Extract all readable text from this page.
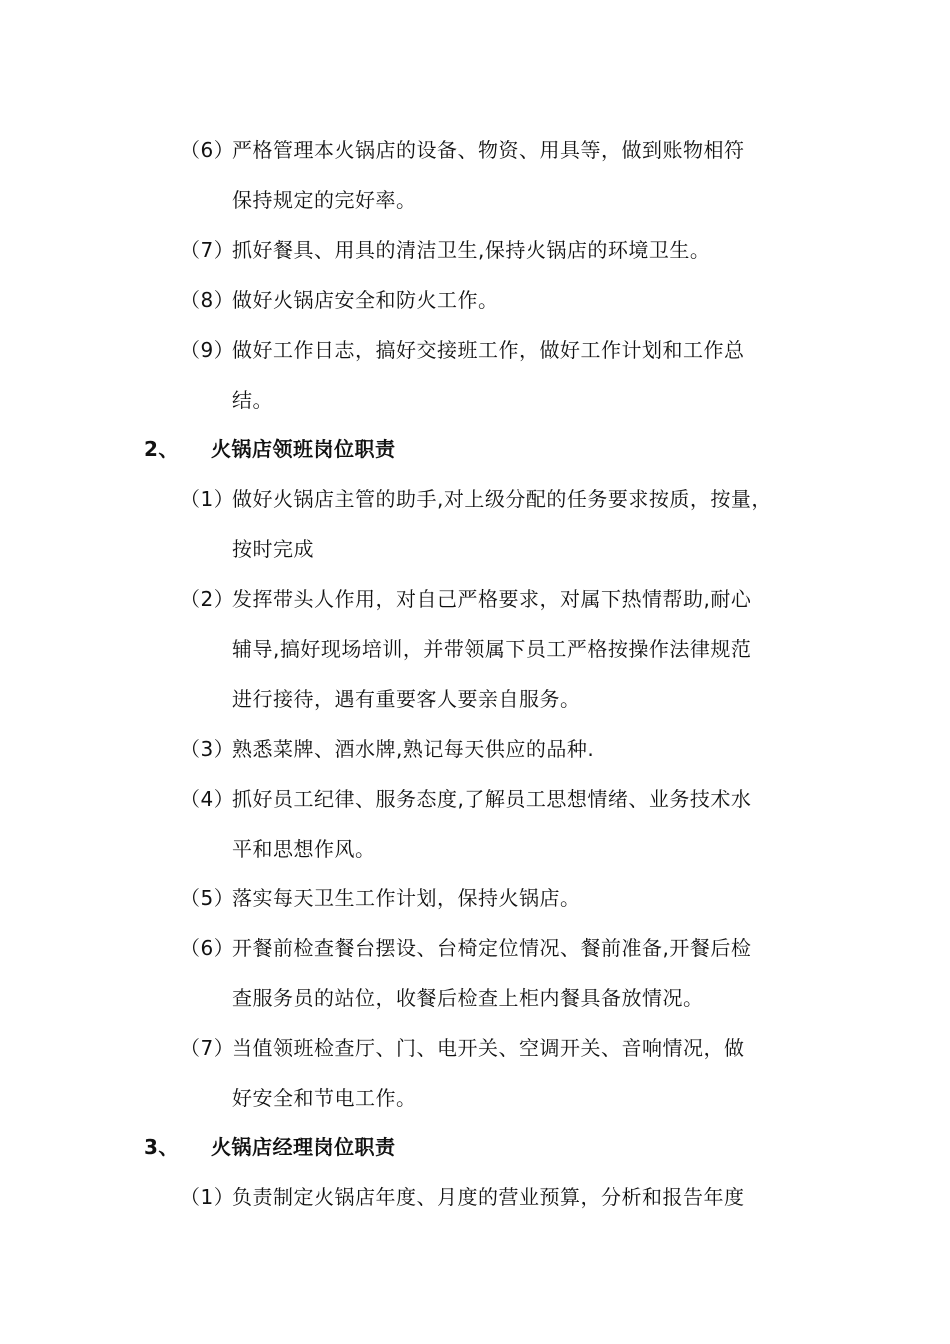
（6）
严格管理本火锅店的设备、物资、用具等，做到账物相符
保持规定的完好率。
（7）
抓好餐具、用具的清洁卫生,保持火锅店的环境卫生。
（8）
做好火锅店安全和防火工作。
（9）
做好工作日志，搞好交接班工作，做好工作计划和工作总
结。
2、 火锅店领班岗位职责
（1）
做好火锅店主管的助手,对上级分配的任务要求按质，按量，
按时完成
（2）
发挥带头人作用，对自己严格要求，对属下热情帮助,耐心
辅导,搞好现场培训，并带领属下员工严格按操作法律规范
进行接待，遇有重要客人要亲自服务。
（3）
熟悉菜牌、酒水牌,熟记每天供应的品种.
（4）
抓好员工纪律、服务态度,了解员工思想情绪、业务技术水
平和思想作风。
（5）
落实每天卫生工作计划，保持火锅店。
（6）
开餐前检查餐台摆设、台椅定位情况、餐前准备,开餐后检
查服务员的站位，收餐后检查上柜内餐具备放情况。
（7）
当值领班检查厅、门、电开关、空调开关、音响情况，做
好安全和节电工作。
3、 火锅店经理岗位职责
（1）
负责制定火锅店年度、月度的营业预算，分析和报告年度
